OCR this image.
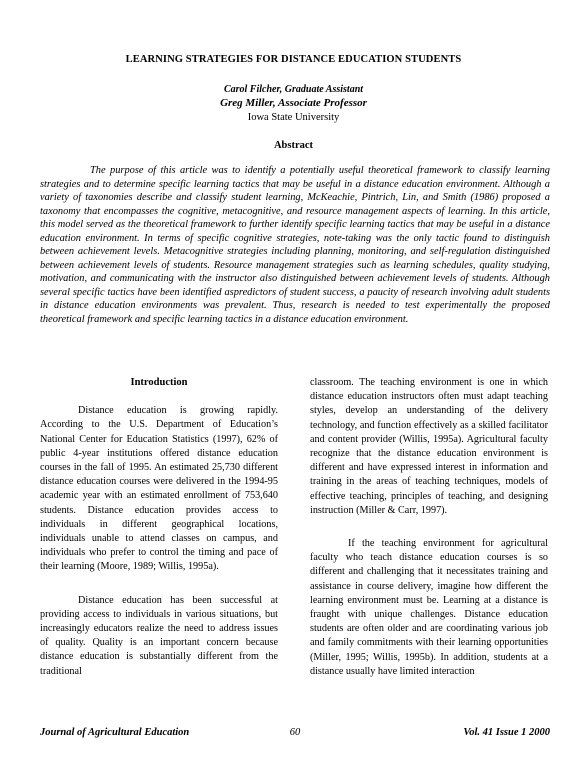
LEARNING STRATEGIES FOR DISTANCE EDUCATION STUDENTS
Carol Filcher, Graduate Assistant
Greg Miller, Associate Professor
Iowa State University
Abstract

The purpose of this article was to identify a potentially useful theoretical framework to classify learning strategies and to determine specific learning tactics that may be useful in a distance education environment. Although a variety of taxonomies describe and classify student learning, McKeachie, Pintrich, Lin, and Smith (1986) proposed a taxonomy that encompasses the cognitive, metacognitive, and resource management aspects of learning. In this article, this model served as the theoretical framework to further identify specific learning tactics that may be useful in a distance education environment. In terms of specific cognitive strategies, note-taking was the only tactic found to distinguish between achievement levels. Metacognitive strategies including planning, monitoring, and self-regulation distinguished between achievement levels of students. Resource management strategies such as learning schedules, quality studying, motivation, and communicating with the instructor also distinguished between achievement levels of students. Although several specific tactics have been identified aspredictors of student success, a paucity of research involving adult students in distance education environments was prevalent. Thus, research is needed to test experimentally the proposed theoretical framework and specific learning tactics in a distance education environment.

Introduction

Distance education is growing rapidly. According to the U.S. Department of Education’s National Center for Education Statistics (1997), 62% of public 4-year institutions offered distance education courses in the fall of 1995. An estimated 25,730 different distance education courses were delivered in the 1994-95 academic year with an estimated enrollment of 753,640 students. Distance education provides access to individuals in different geographical locations, individuals unable to attend classes on campus, and individuals who prefer to control the timing and pace of their learning (Moore, 1989; Willis, 1995a).

Distance education has been successful at providing access to individuals in various situations, but increasingly educators realize the need to address issues of quality. Quality is an important concern because distance education is substantially different from the traditional

classroom. The teaching environment is one in which distance education instructors often must adapt teaching styles, develop an understanding of the delivery technology, and function effectively as a skilled facilitator and content provider (Willis, 1995a). Agricultural faculty recognize that the distance education environment is different and have expressed interest in information and training in the areas of teaching techniques, models of effective teaching, principles of teaching, and designing instruction (Miller & Carr, 1997).

If the teaching environment for agricultural faculty who teach distance education courses is so different and challenging that it necessitates training and assistance in course delivery, imagine how different the learning environment must be. Learning at a distance is fraught with unique challenges. Distance education students are often older and are coordinating various job and family commitments with their learning opportunities (Miller, 1995; Willis, 1995b). In addition, students at a distance usually have limited interaction

Journal of Agricultural Education	60	Vol. 41 Issue 1 2000
